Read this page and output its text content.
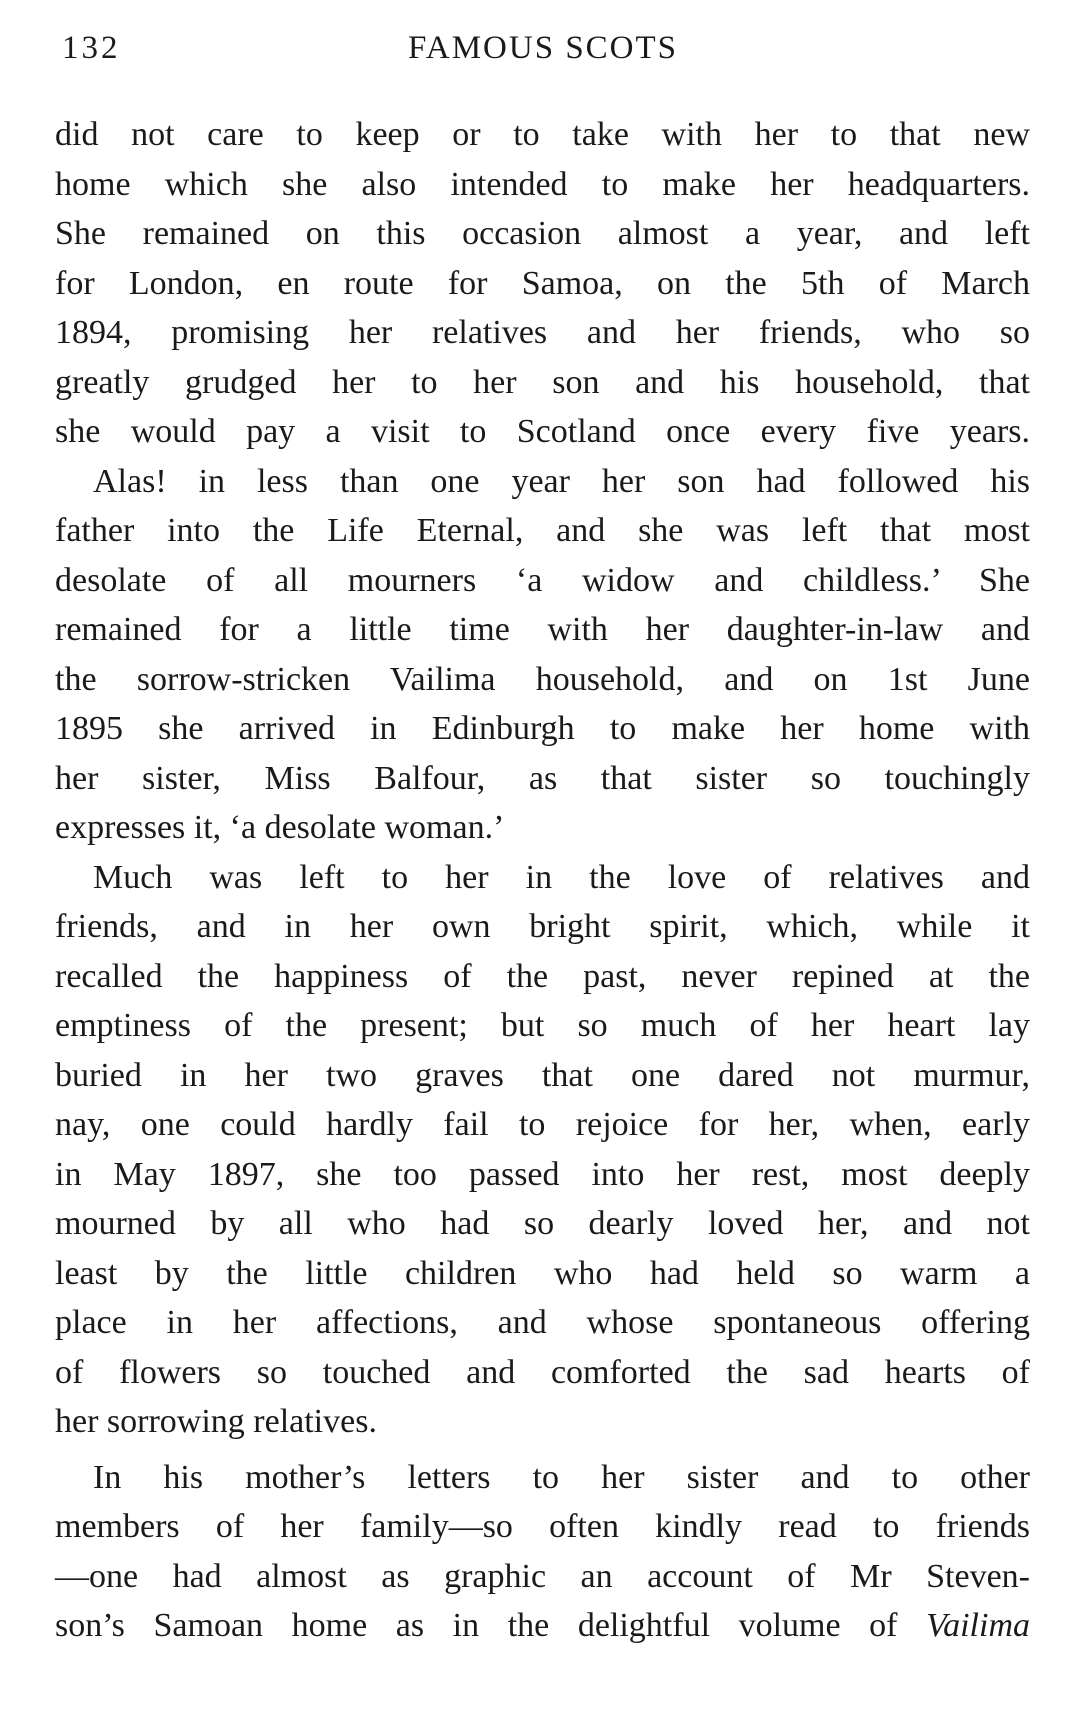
132	FAMOUS SCOTS
did not care to keep or to take with her to that new
home which she also intended to make her headquarters.
She remained on this occasion almost a year, and left
for London, en route for Samoa, on the 5th of March
1894, promising her relatives and her friends, who so
greatly grudged her to her son and his household, that
she would pay a visit to Scotland once every five years.
Alas! in less than one year her son had followed his
father into the Life Eternal, and she was left that most
desolate of all mourners ‘a widow and childless.’ She
remained for a little time with her daughter-in-law and
the sorrow-stricken Vailima household, and on 1st June
1895 she arrived in Edinburgh to make her home with
her sister, Miss Balfour, as that sister so touchingly
expresses it, ‘a desolate woman.’
Much was left to her in the love of relatives and
friends, and in her own bright spirit, which, while it
recalled the happiness of the past, never repined at the
emptiness of the present; but so much of her heart lay
buried in her two graves that one dared not murmur,
nay, one could hardly fail to rejoice for her, when, early
in May 1897, she too passed into her rest, most deeply
mourned by all who had so dearly loved her, and not
least by the little children who had held so warm a
place in her affections, and whose spontaneous offering
of flowers so touched and comforted the sad hearts of
her sorrowing relatives.
In his mother’s letters to her sister and to other
members of her family—so often kindly read to friends
—one had almost as graphic an account of Mr Steven-
son’s Samoan home as in the delightful volume of Vailima
